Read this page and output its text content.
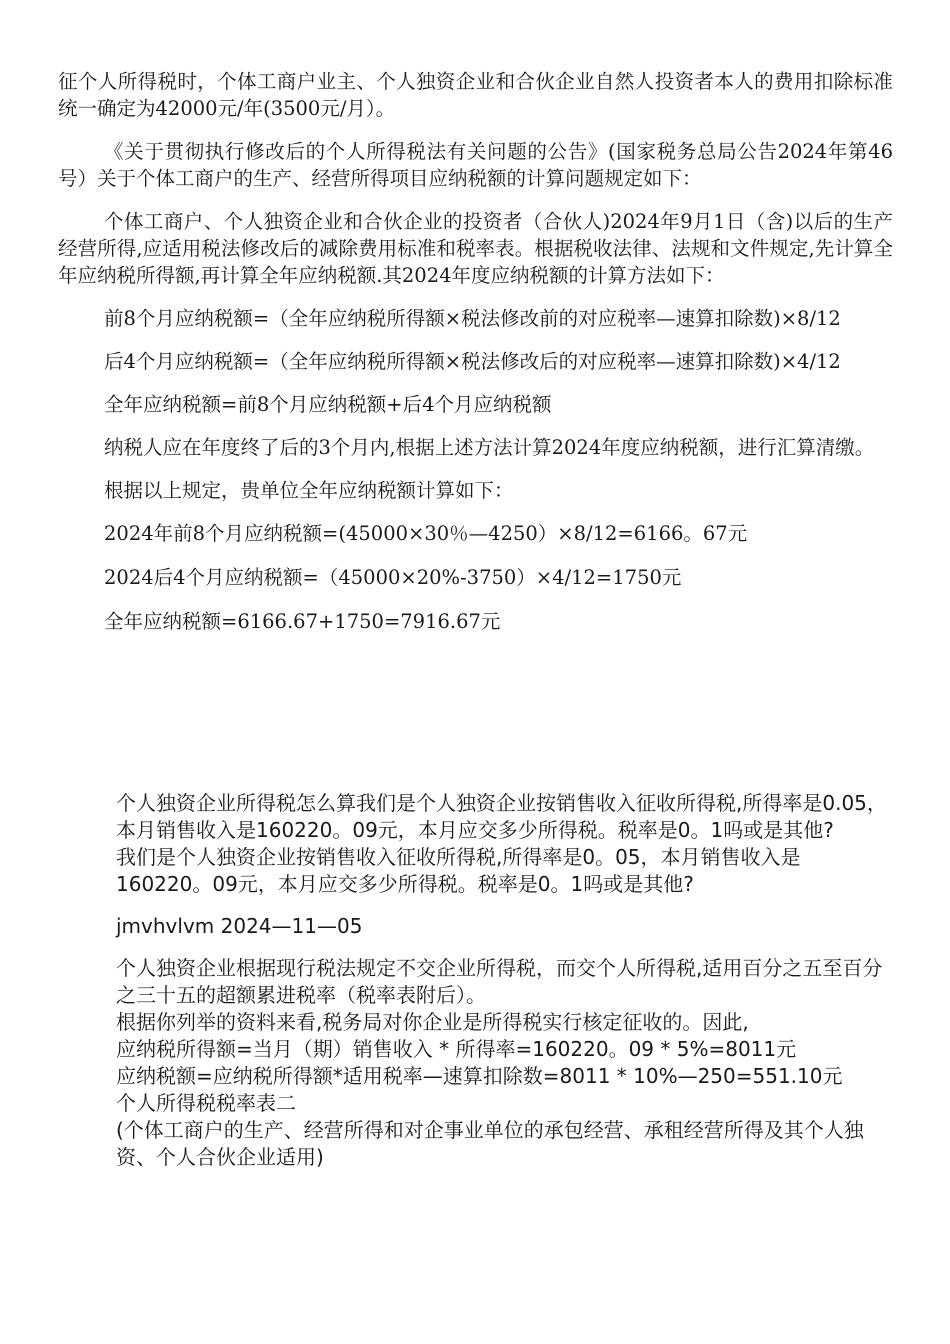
征个人所得税时，个体工商户业主、个人独资企业和合伙企业自然人投资者本人的费用扣除标准统一确定为42000元/年(3500元/月）。

《关于贯彻执行修改后的个人所得税法有关问题的公告》(国家税务总局公告2024年第46号）关于个体工商户的生产、经营所得项目应纳税额的计算问题规定如下：

个体工商户、个人独资企业和合伙企业的投资者（合伙人)2024年9月1日（含)以后的生产经营所得,应适用税法修改后的减除费用标准和税率表。根据税收法律、法规和文件规定,先计算全年应纳税所得额,再计算全年应纳税额.其2024年度应纳税额的计算方法如下：

前8个月应纳税额=（全年应纳税所得额×税法修改前的对应税率—速算扣除数)×8/12

后4个月应纳税额=（全年应纳税所得额×税法修改后的对应税率—速算扣除数)×4/12

全年应纳税额=前8个月应纳税额+后4个月应纳税额

纳税人应在年度终了后的3个月内,根据上述方法计算2024年度应纳税额，进行汇算清缴。

根据以上规定，贵单位全年应纳税额计算如下：

2024年前8个月应纳税额=(45000×30％—4250）×8/12=6166。67元

2024后4个月应纳税额=（45000×20%-3750）×4/12=1750元

全年应纳税额=6166.67+1750=7916.67元

个人独资企业所得税怎么算我们是个人独资企业按销售收入征收所得税,所得率是0.05，本月销售收入是160220。09元，本月应交多少所得税。税率是0。1吗或是其他?

我们是个人独资企业按销售收入征收所得税,所得率是0。05，本月销售收入是160220。09元，本月应交多少所得税。税率是0。1吗或是其他?

jmvhvlvm 2024—11—05

个人独资企业根据现行税法规定不交企业所得税，而交个人所得税,适用百分之五至百分之三十五的超额累进税率（税率表附后）。

根据你列举的资料来看,税务局对你企业是所得税实行核定征收的。因此,

应纳税所得额=当月（期）销售收入 * 所得率=160220。09 * 5%=8011元

应纳税额=应纳税所得额*适用税率—速算扣除数=8011 * 10%—250=551.10元

个人所得税税率表二

(个体工商户的生产、经营所得和对企事业单位的承包经营、承租经营所得及其个人独资、个人合伙企业适用)
